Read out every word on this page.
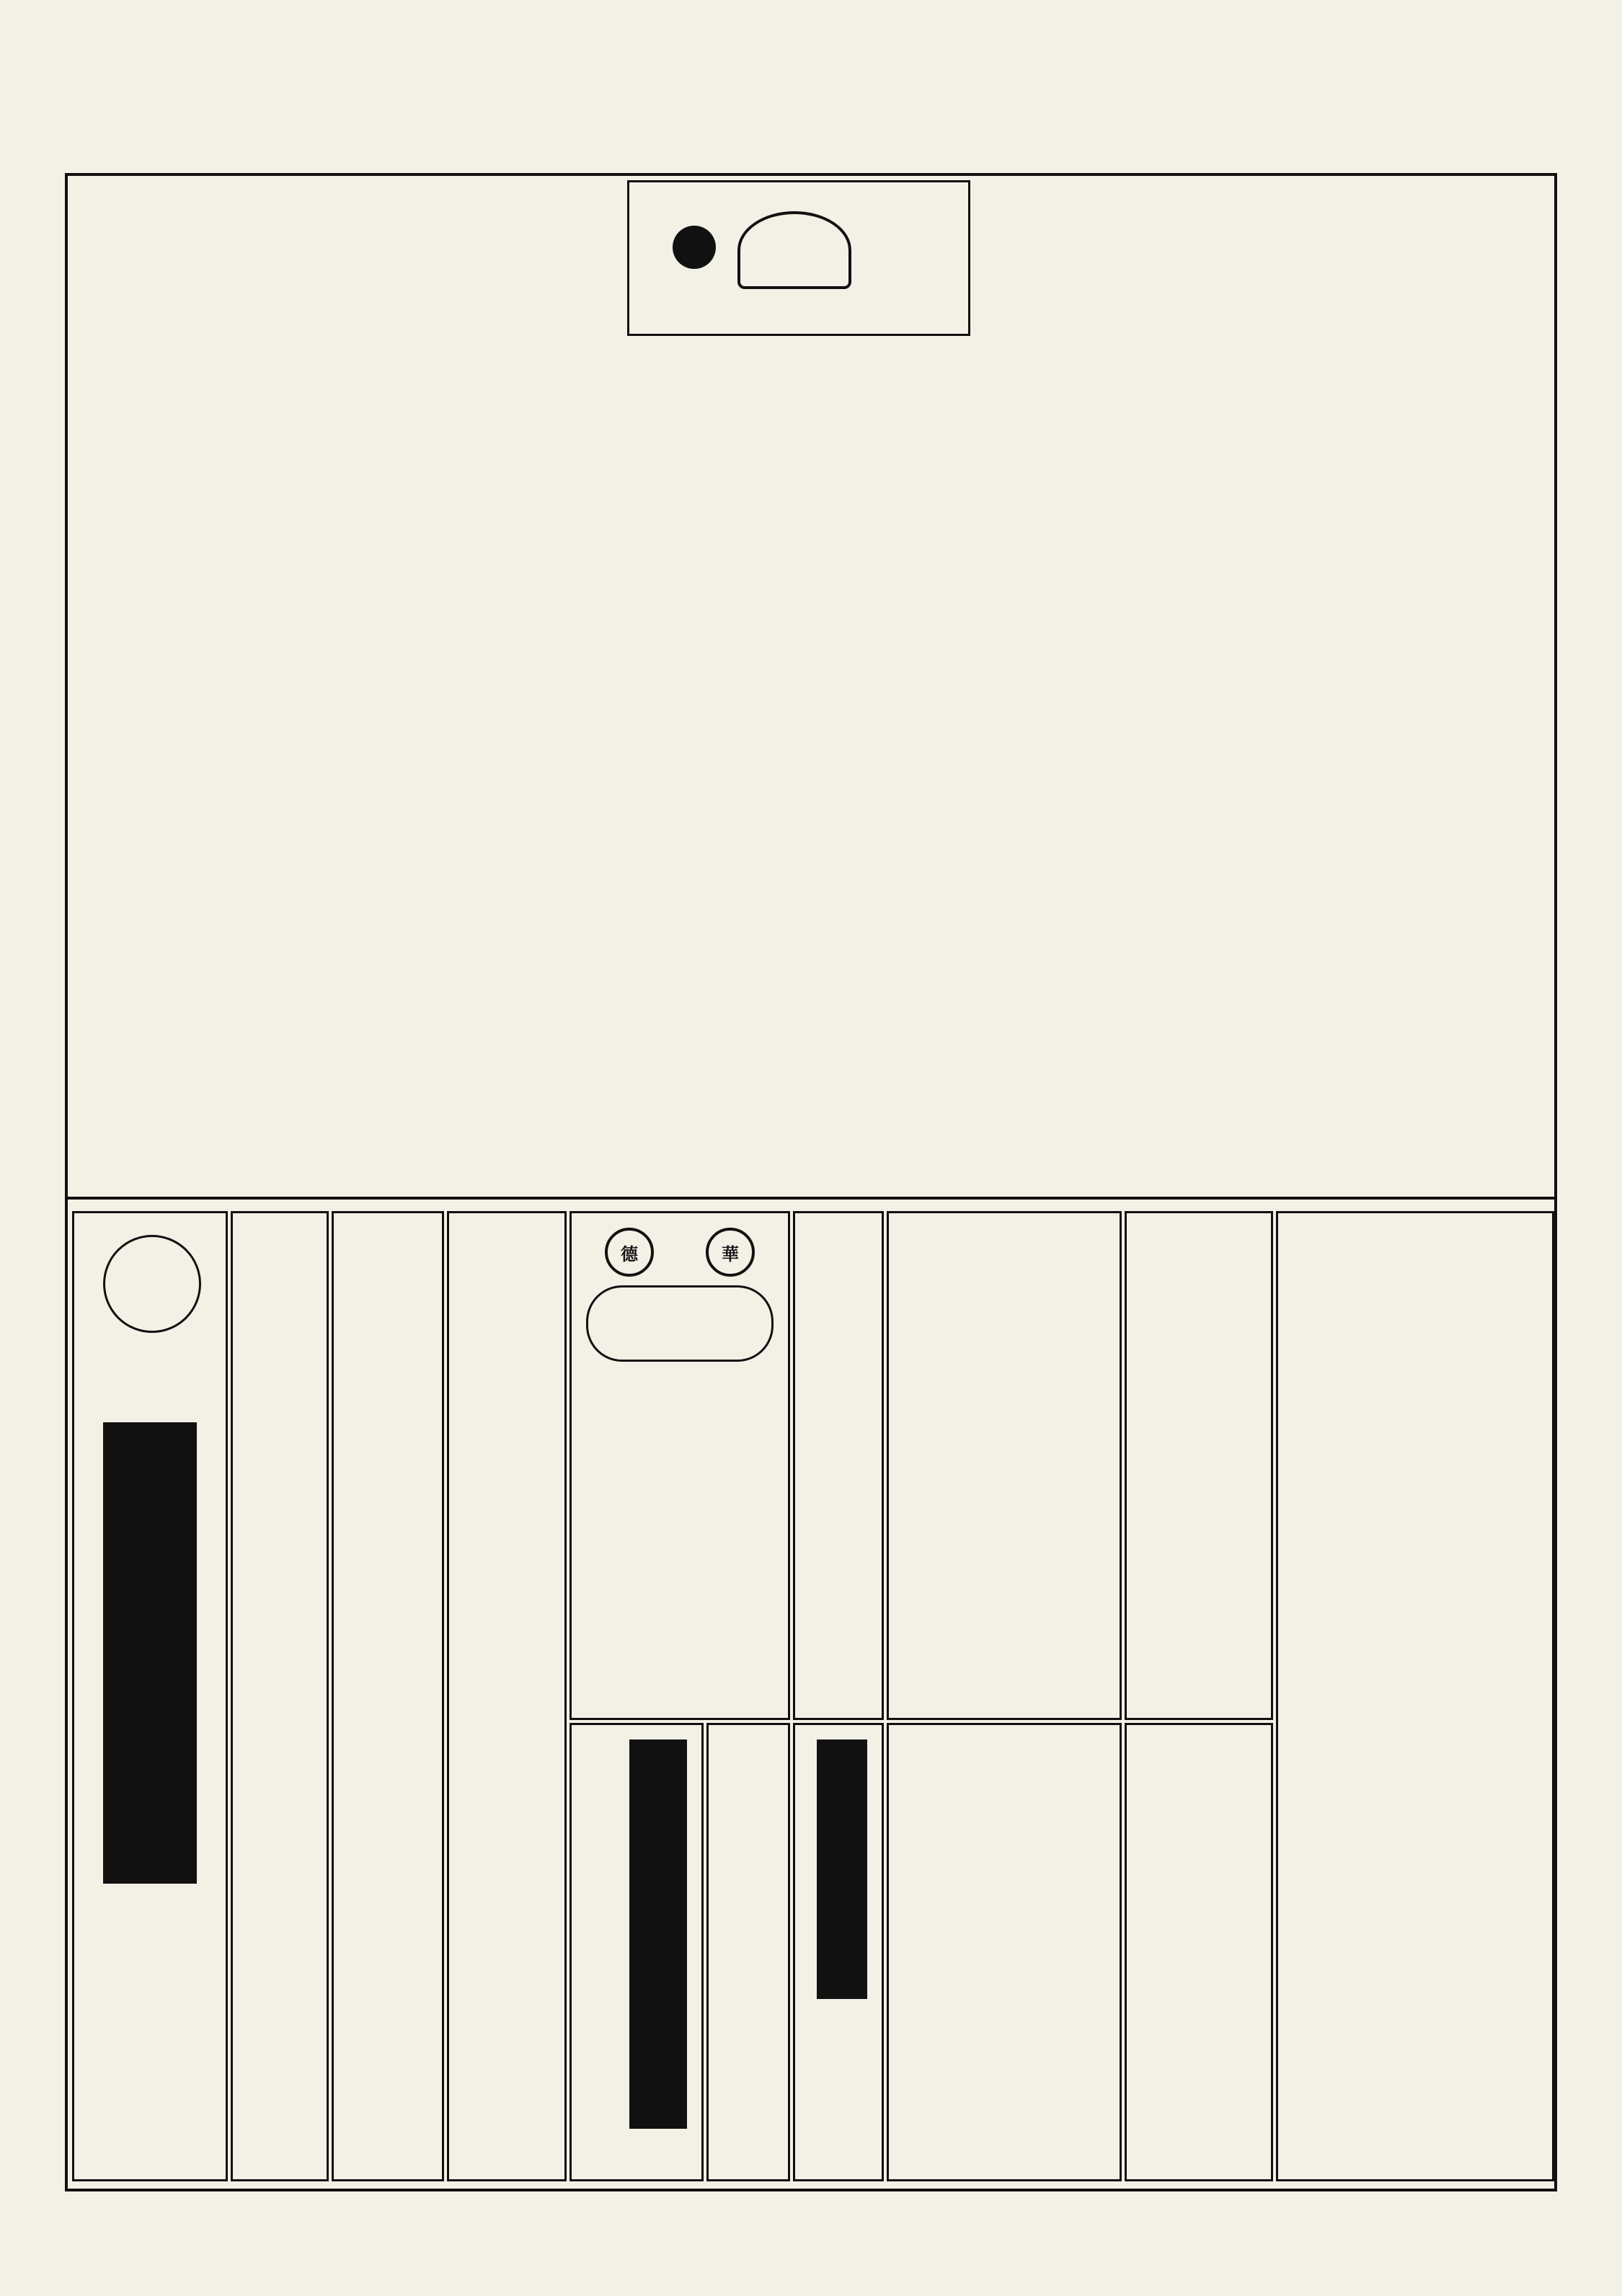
德	華
